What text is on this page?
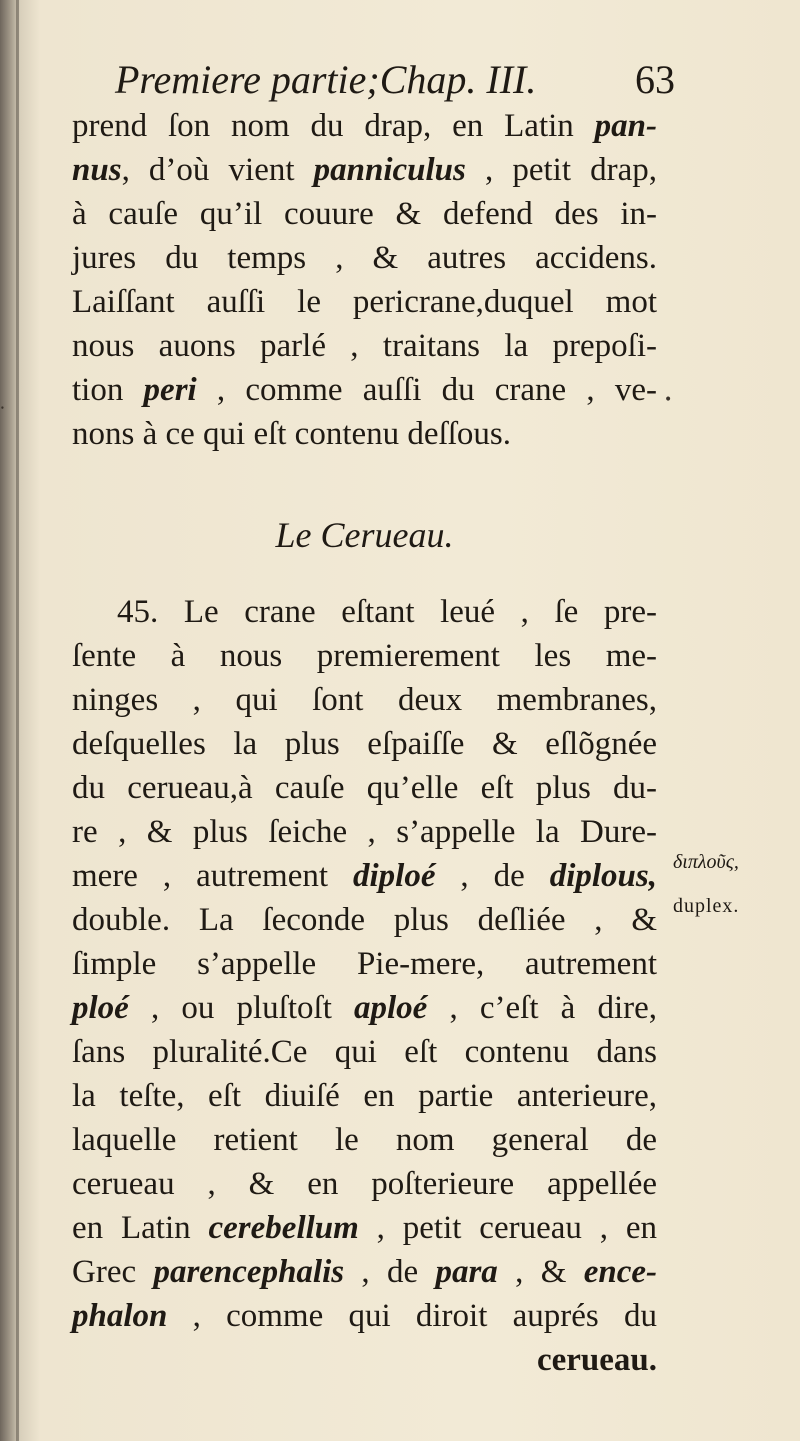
Premiere partie;Chap. III. 63
prend ſon nom du drap, en Latin pan-
nus, d’où vient panniculus , petit drap,
à cauſe qu’il couure & defend des in-
jures du temps , & autres accidens.
Laiſſant auſſi le pericrane,duquel mot
nous auons parlé , traitans la prepoſi-
tion peri , comme auſſi du crane , ve-
nons à ce qui eſt contenu deſſous.
Le Cerueau.
45. Le crane eſtant leué , ſe pre-
ſente à nous premierement les me-
ninges , qui ſont deux membranes,
deſquelles la plus eſpaiſſe & eſlõgnée
du cerueau,à cauſe qu’elle eſt plus du-
re , & plus ſeiche , s’appelle la Dure-
mere , autrement diploé , de diplous,
double. La ſeconde plus deſliée , &
ſimple s’appelle Pie-mere, autrement
ploé , ou pluſtoſt aploé , c’eſt à dire,
ſans pluralité.Ce qui eſt contenu dans
la teſte, eſt diuiſé en partie anterieure,
laquelle retient le nom general de
cerueau , & en poſterieure appellée
en Latin cerebellum , petit cerueau , en
Grec parencephalis , de para , & ence-
phalon , comme qui diroit auprés du
cerueau.
διπλοῦς,
duplex.
⸱	•
